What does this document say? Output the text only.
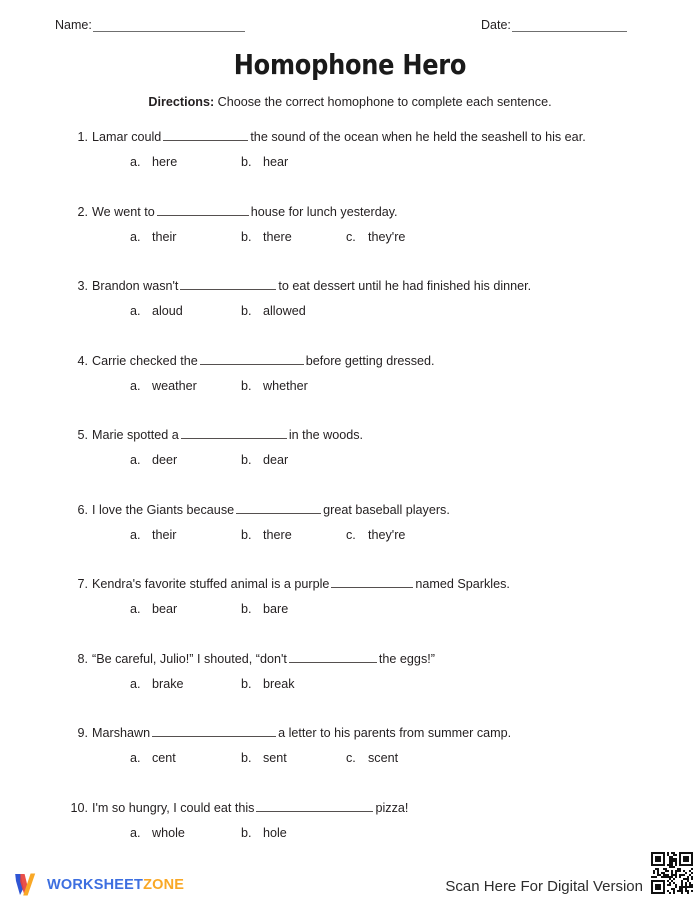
Name:	Date:
Homophone Hero
Directions: Choose the correct homophone to complete each sentence.
1. Lamar could	the sound of the ocean when he held the seashell to his ear.
a. here	b. hear
2. We went to	house for lunch yesterday.
a. their	b. there	c. they're
3. Brandon wasn't	to eat dessert until he had finished his dinner.
a. aloud	b. allowed
4. Carrie checked the	before getting dressed.
a. weather	b. whether
5. Marie spotted a	in the woods.
a. deer	b. dear
6. I love the Giants because	great baseball players.
a. their	b. there	c. they're
7. Kendra's favorite stuffed animal is a purple	named Sparkles.
a. bear	b. bare
8. “Be careful, Julio!” I shouted, “don't	the eggs!”
a. brake	b. break
9. Marshawn	a letter to his parents from summer camp.
a. cent	b. sent	c. scent
10. I'm so hungry, I could eat this	pizza!
a. whole	b. hole
WORKSHEETZONE	Scan Here For Digital Version
